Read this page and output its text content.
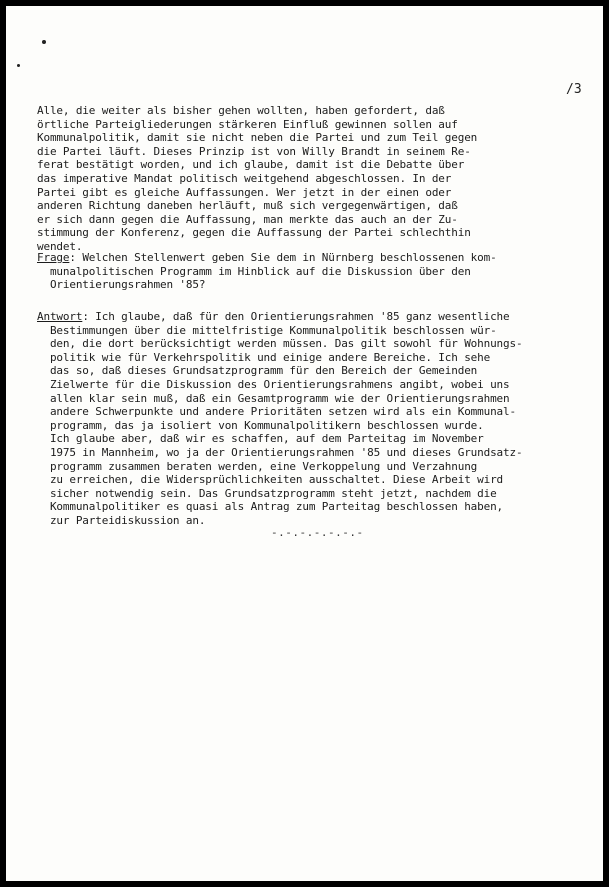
/3
Alle, die weiter als bisher gehen wollten, haben gefordert, daß
örtliche Parteigliederungen stärkeren Einfluß gewinnen sollen auf
Kommunalpolitik, damit sie nicht neben die Partei und zum Teil gegen
die Partei läuft. Dieses Prinzip ist von Willy Brandt in seinem Re-
ferat bestätigt worden, und ich glaube, damit ist die Debatte über
das imperative Mandat politisch weitgehend abgeschlossen. In der
Partei gibt es gleiche Auffassungen. Wer jetzt in der einen oder
anderen Richtung daneben herläuft, muß sich vergegenwärtigen, daß
er sich dann gegen die Auffassung, man merkte das auch an der Zu-
stimmung der Konferenz, gegen die Auffassung der Partei schlechthin
wendet.
Frage: Welchen Stellenwert geben Sie dem in Nürnberg beschlossenen kom-
munalpolitischen Programm im Hinblick auf die Diskussion über den
Orientierungsrahmen '85?
Antwort: Ich glaube, daß für den Orientierungsrahmen '85 ganz wesentliche
Bestimmungen über die mittelfristige Kommunalpolitik beschlossen wür-
den, die dort berücksichtigt werden müssen. Das gilt sowohl für Wohnungs-
politik wie für Verkehrspolitik und einige andere Bereiche. Ich sehe
das so, daß dieses Grundsatzprogramm für den Bereich der Gemeinden
Zielwerte für die Diskussion des Orientierungsrahmens angibt, wobei uns
allen klar sein muß, daß ein Gesamtprogramm wie der Orientierungsrahmen
andere Schwerpunkte und andere Prioritäten setzen wird als ein Kommunal-
programm, das ja isoliert von Kommunalpolitikern beschlossen wurde.
Ich glaube aber, daß wir es schaffen, auf dem Parteitag im November
1975 in Mannheim, wo ja der Orientierungsrahmen '85 und dieses Grundsatz-
programm zusammen beraten werden, eine Verkoppelung und Verzahnung
zu erreichen, die Widersprüchlichkeiten ausschaltet. Diese Arbeit wird
sicher notwendig sein. Das Grundsatzprogramm steht jetzt, nachdem die
Kommunalpolitiker es quasi als Antrag zum Parteitag beschlossen haben,
zur Parteidiskussion an.
-.-.-.-.-.-.-
